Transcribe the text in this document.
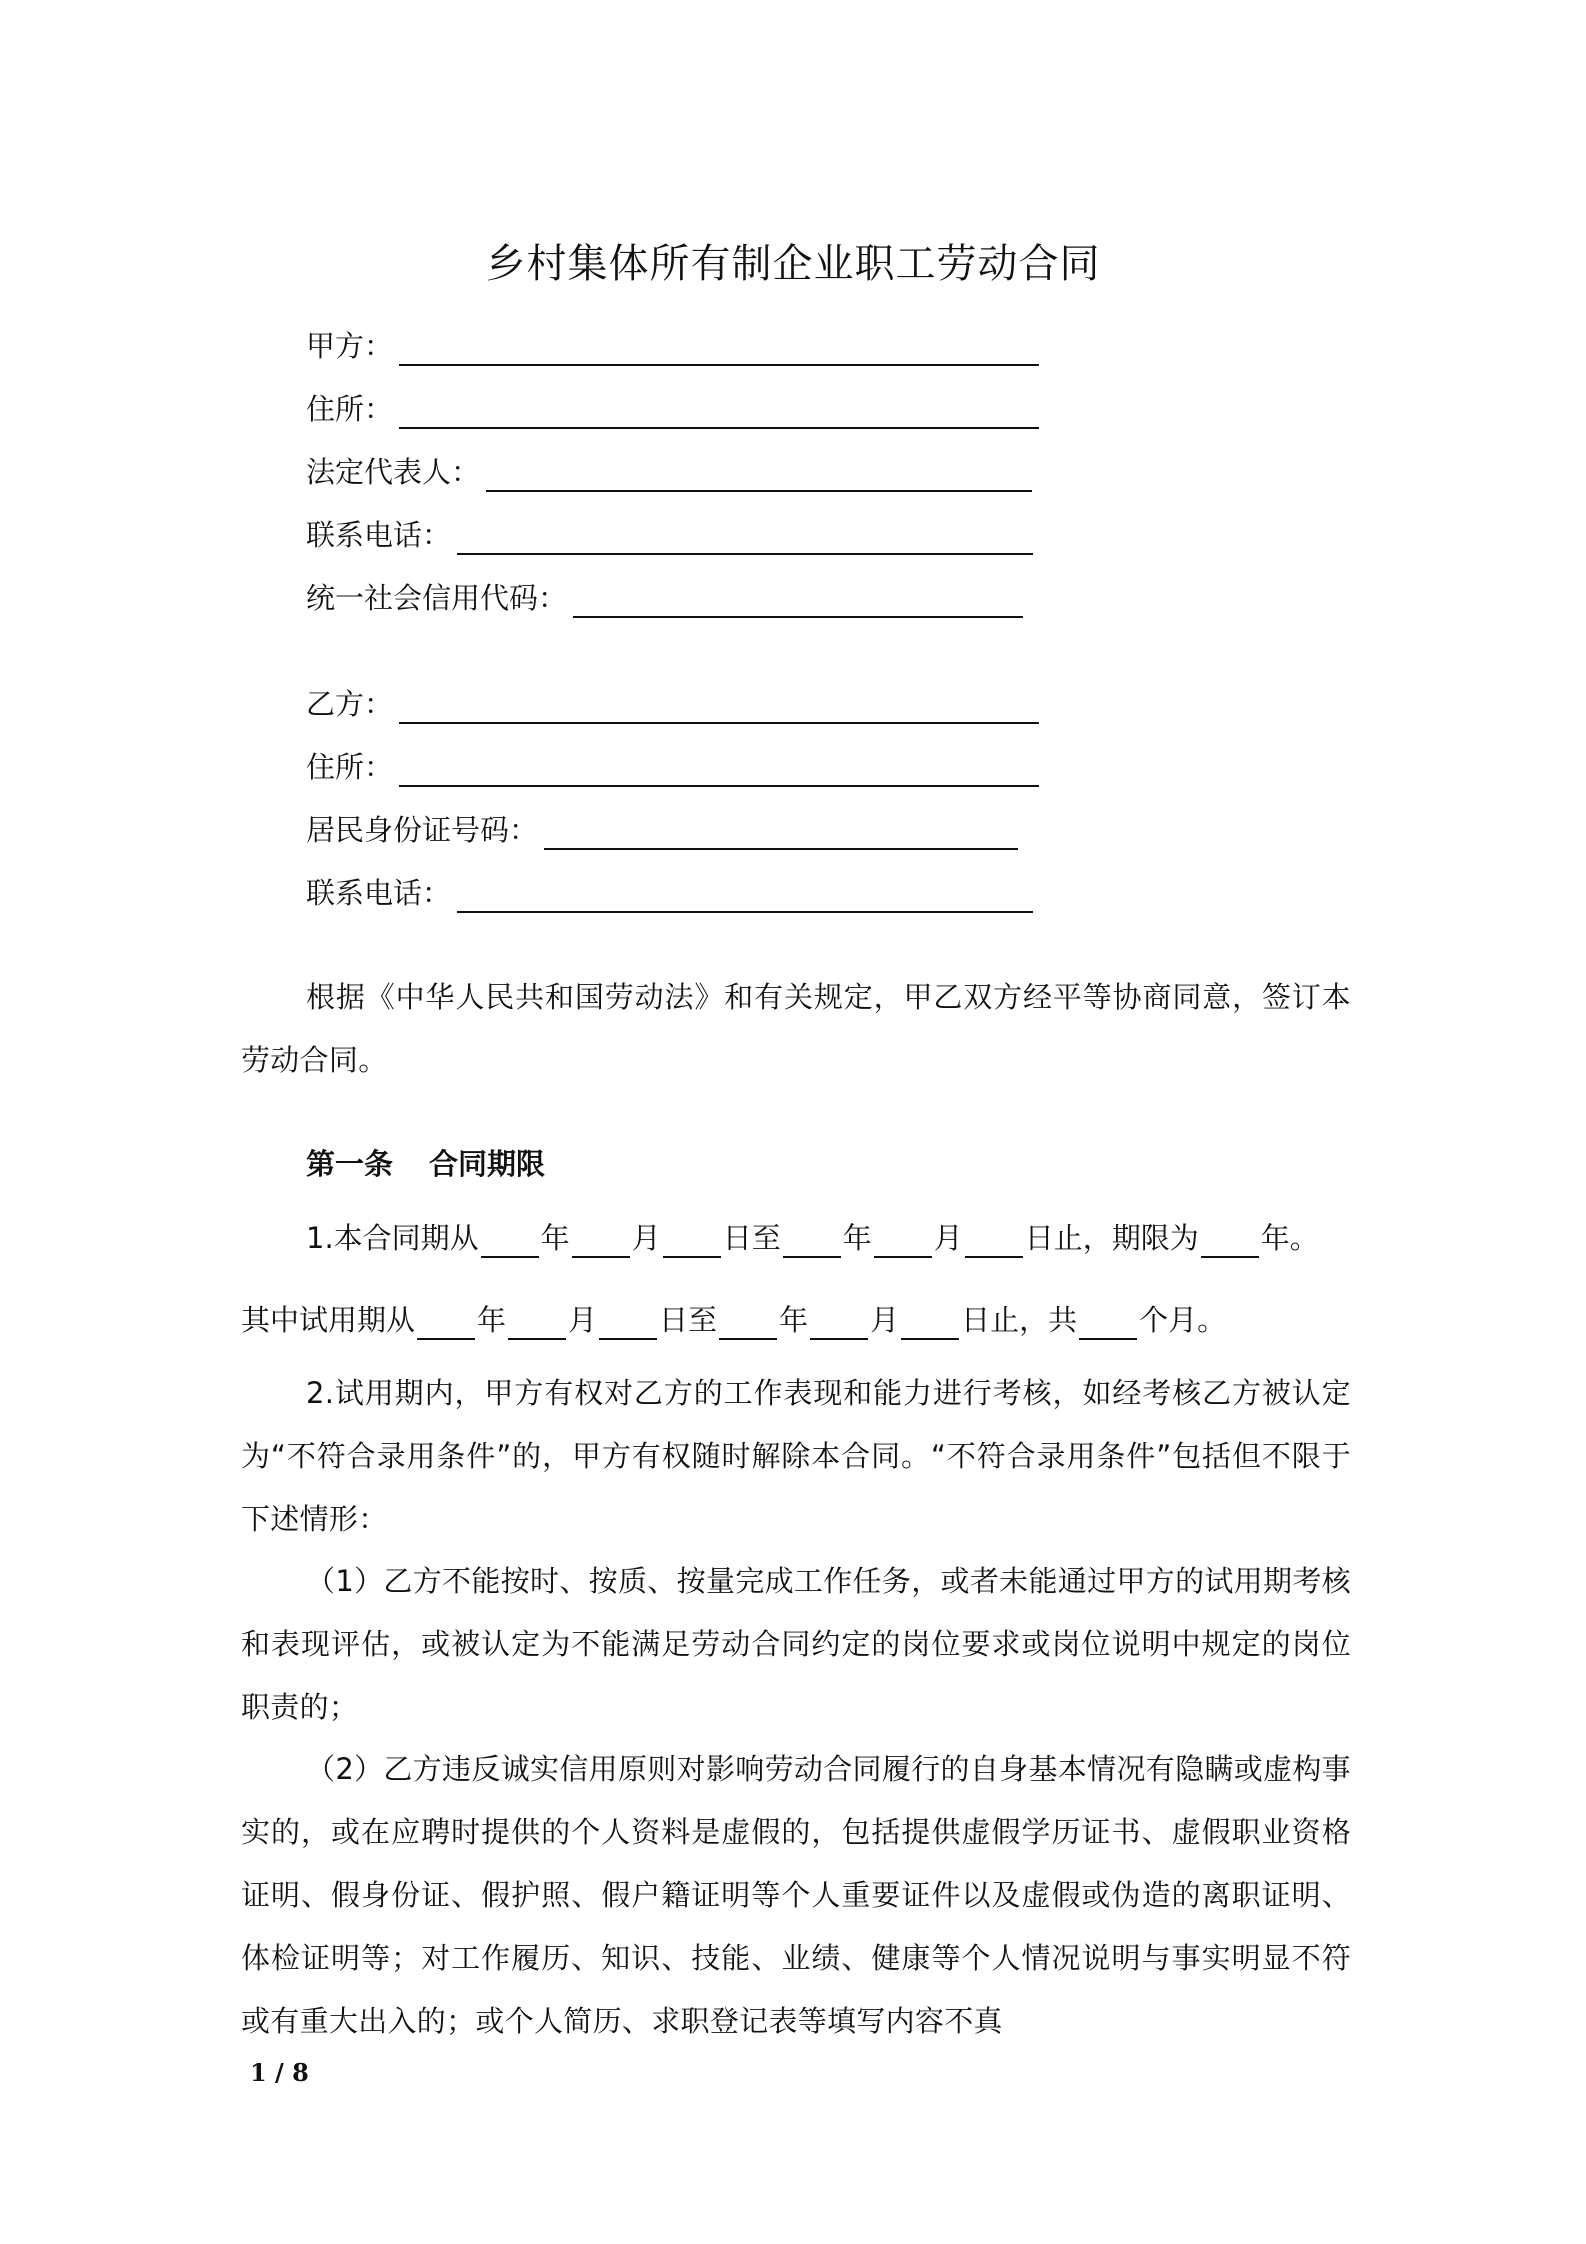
乡村集体所有制企业职工劳动合同
甲方：
住所：
法定代表人：
联系电话：
统一社会信用代码：
乙方：
住所：
居民身份证号码：
联系电话：
根据《中华人民共和国劳动法》和有关规定，甲乙双方经平等协商同意，签订本劳动合同。
第一条 合同期限
1.本合同期从 年 月 日至 年 月 日止，期限为 年。
其中试用期从 年 月 日至 年 月 日止，共 个月。
2.试用期内，甲方有权对乙方的工作表现和能力进行考核，如经考核乙方被认定为“不符合录用条件”的，甲方有权随时解除本合同。“不符合录用条件”包括但不限于下述情形：
（1）乙方不能按时、按质、按量完成工作任务，或者未能通过甲方的试用期考核和表现评估，或被认定为不能满足劳动合同约定的岗位要求或岗位说明中规定的岗位职责的；
（2）乙方违反诚实信用原则对影响劳动合同履行的自身基本情况有隐瞒或虚构事实的，或在应聘时提供的个人资料是虚假的，包括提供虚假学历证书、虚假职业资格证明、假身份证、假护照、假户籍证明等个人重要证件以及虚假或伪造的离职证明、体检证明等；对工作履历、知识、技能、业绩、健康等个人情况说明与事实明显不符或有重大出入的；或个人简历、求职登记表等填写内容不真
1 / 8
